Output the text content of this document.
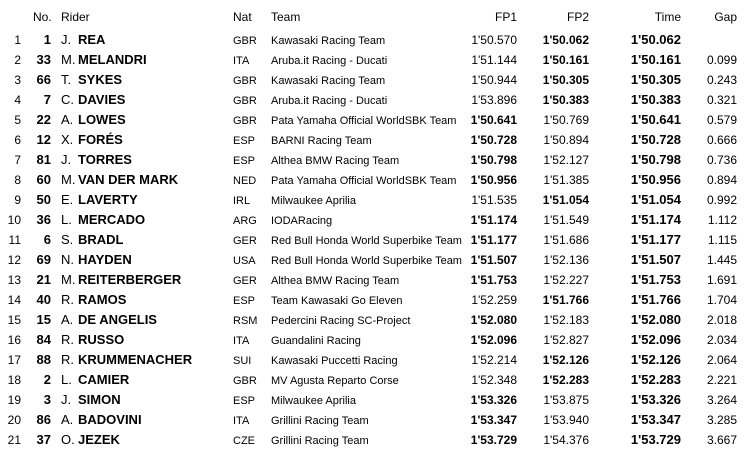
No. Rider	Nat Team	FP1	FP2	Time	Gap
1	1 J. REA	GBR Kawasaki Racing Team	1'50.570	1'50.062	1'50.062
2	33 M. MELANDRI	ITA Aruba.it Racing - Ducati	1'51.144	1'50.161	1'50.161	0.099
3	66 T. SYKES	GBR Kawasaki Racing Team	1'50.944	1'50.305	1'50.305	0.243
4	7 C. DAVIES	GBR Aruba.it Racing - Ducati	1'53.896	1'50.383	1'50.383	0.321
5	22 A. LOWES	GBR Pata Yamaha Official WorldSBK Team	1'50.641	1'50.769	1'50.641	0.579
6	12 X. FORÉS	ESP BARNI Racing Team	1'50.728	1'50.894	1'50.728	0.666
7	81 J. TORRES	ESP Althea BMW Racing Team	1'50.798	1'52.127	1'50.798	0.736
8	60 M. VAN DER MARK	NED Pata Yamaha Official WorldSBK Team	1'50.956	1'51.385	1'50.956	0.894
9	50 E. LAVERTY	IRL Milwaukee Aprilia	1'51.535	1'51.054	1'51.054	0.992
10	36 L. MERCADO	ARG IODARacing	1'51.174	1'51.549	1'51.174	1.112
11	6 S. BRADL	GER Red Bull Honda World Superbike Team 1'51.177	1'51.686	1'51.177	1.115
12	69 N. HAYDEN	USA Red Bull Honda World Superbike Team 1'51.507	1'52.136	1'51.507	1.445
13	21 M. REITERBERGER	GER Althea BMW Racing Team	1'51.753	1'52.227	1'51.753	1.691
14	40 R. RAMOS	ESP Team Kawasaki Go Eleven	1'52.259	1'51.766	1'51.766	1.704
15	15 A. DE ANGELIS	RSM Pedercini Racing SC-Project	1'52.080	1'52.183	1'52.080	2.018
16	84 R. RUSSO	ITA Guandalini Racing	1'52.096	1'52.827	1'52.096	2.034
17	88 R. KRUMMENACHER	SUI Kawasaki Puccetti Racing	1'52.214	1'52.126	1'52.126	2.064
18	2 L. CAMIER	GBR MV Agusta Reparto Corse	1'52.348	1'52.283	1'52.283	2.221
19	3 J. SIMON	ESP Milwaukee Aprilia	1'53.326	1'53.875	1'53.326	3.264
20	86 A. BADOVINI	ITA Grillini Racing Team	1'53.347	1'53.940	1'53.347	3.285
21	37 O. JEZEK	CZE Grillini Racing Team	1'53.729	1'54.376	1'53.729	3.667
